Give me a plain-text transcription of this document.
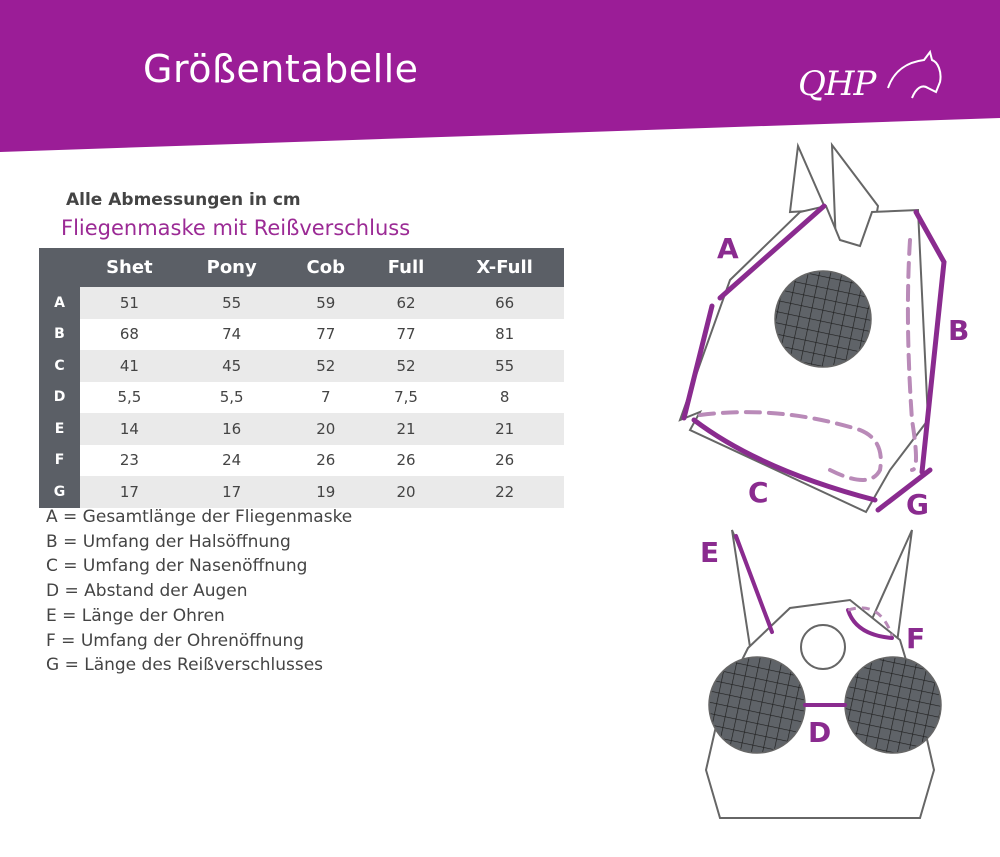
Größentabelle	QHP
Alle Abmessungen in cm
Fliegenmaske mit Reißverschluss
	Shet	Pony	Cob	Full	X-Full
A	51	55	59	62	66
B	68	74	77	77	81
C	41	45	52	52	55
D	5,5	5,5	7	7,5	8
E	14	16	20	21	21
F	23	24	26	26	26
G	17	17	19	20	22
A = Gesamtlänge der Fliegenmaske
B = Umfang der Halsöffnung
C = Umfang der Nasenöffnung
D = Abstand der Augen
E = Länge der Ohren
F = Umfang der Ohrenöffnung
G = Länge des Reißverschlusses
A
B
C	G
E
F
D
